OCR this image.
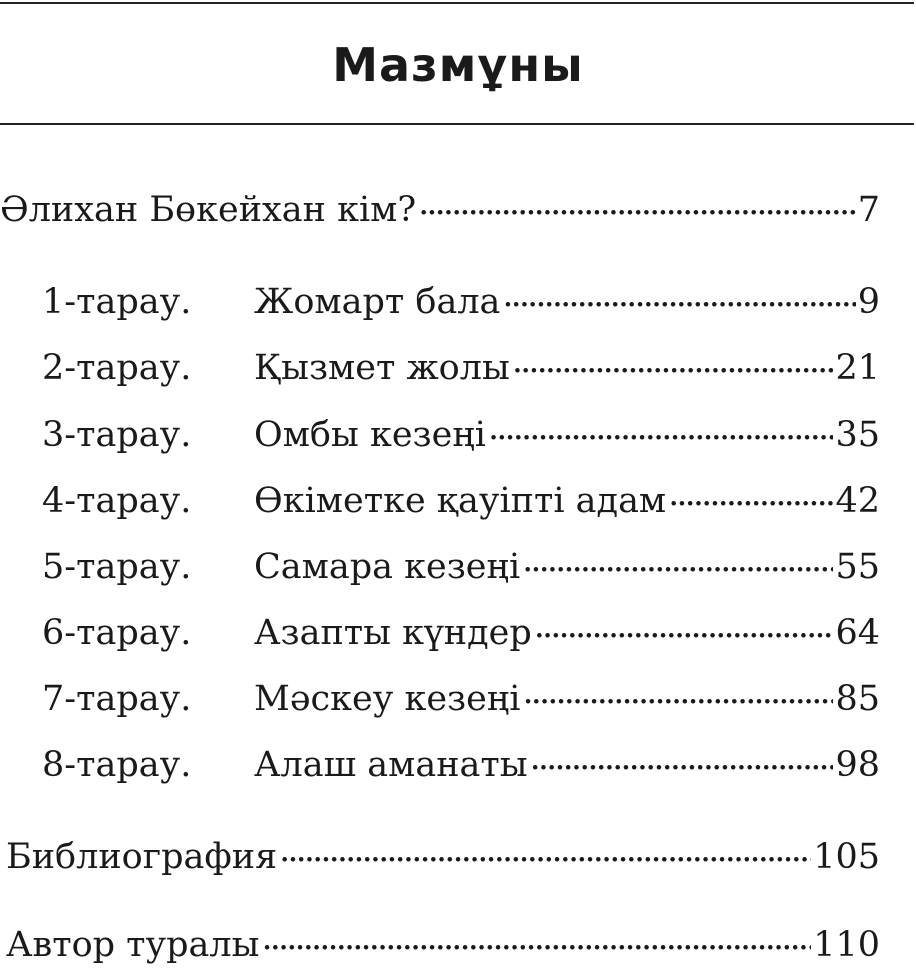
Мазмұны
Әлихан Бөкейхан кім? . . .	7
1-тарау.	Жомарт бала . . .	9
2-тарау.	Қызмет жолы . . .	21
3-тарау.	Омбы кезеңі . . .	35
4-тарау.	Өкіметке қауіпті адам . . .	42
5-тарау.	Самара кезеңі . . .	55
6-тарау.	Азапты күндер . . .	64
7-тарау.	Мәскеу кезеңі . . .	85
8-тарау.	Алаш аманаты . . .	98
Библиография . . .	105
Автор туралы . . .	110
